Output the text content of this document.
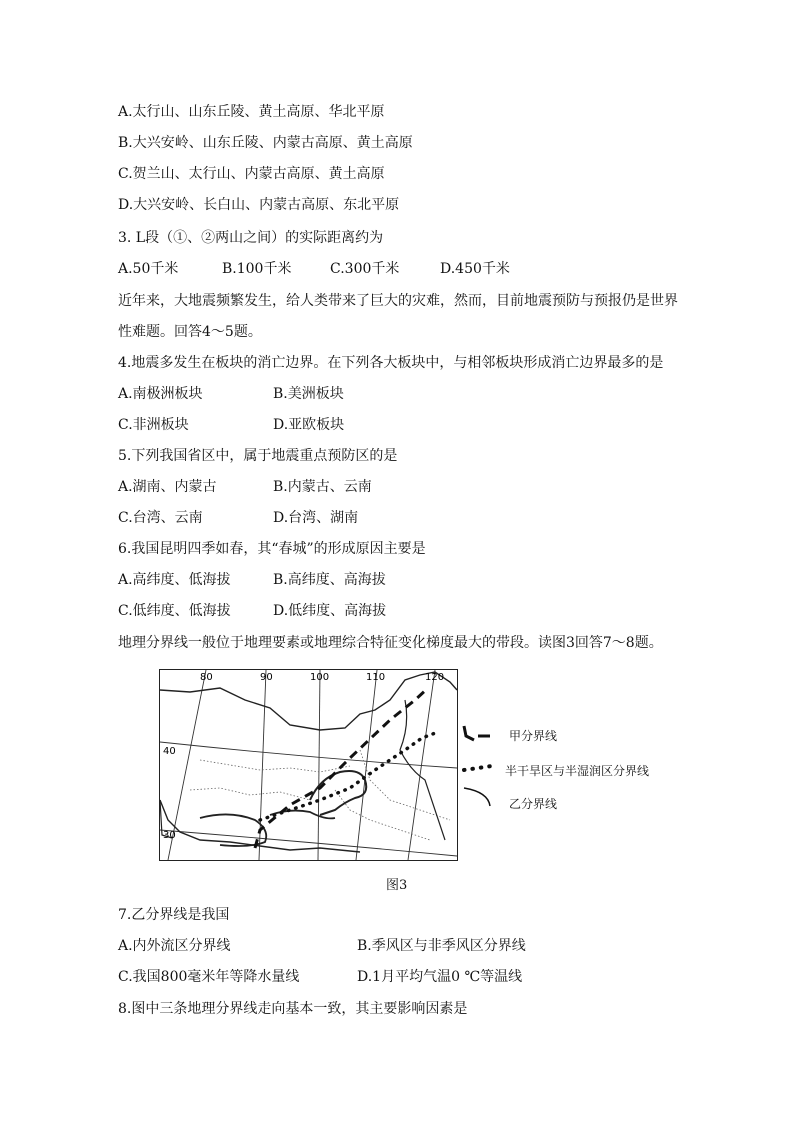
A.太行山、山东丘陵、黄土高原、华北平原
B.大兴安岭、山东丘陵、内蒙古高原、黄土高原
C.贺兰山、太行山、内蒙古高原、黄土高原
D.大兴安岭、长白山、内蒙古高原、东北平原
3. L段（①、②两山之间）的实际距离约为
A.50千米	B.100千米	C.300千米	D.450千米
近年来，大地震频繁发生，给人类带来了巨大的灾难，然而，目前地震预防与预报仍是世界
性难题。回答4～5题。
4.地震多发生在板块的消亡边界。在下列各大板块中，与相邻板块形成消亡边界最多的是
A.南极洲板块	B.美洲板块
C.非洲板块	D.亚欧板块
5.下列我国省区中，属于地震重点预防区的是
A.湖南、内蒙古	B.内蒙古、云南
C.台湾、云南	D.台湾、湖南
6.我国昆明四季如春，其“春城”的形成原因主要是
A.高纬度、低海拔	B.高纬度、高海拔
C.低纬度、低海拔	D.低纬度、高海拔
地理分界线一般位于地理要素或地理综合特征变化梯度最大的带段。读图3回答7～8题。
80	90	100	110	120
40
30
甲分界线
半干旱区与半湿润区分界线
乙分界线
图3
7.乙分界线是我国
A.内外流区分界线	B.季风区与非季风区分界线
C.我国800毫米年等降水量线	D.1月平均气温0 ℃等温线
8.图中三条地理分界线走向基本一致，其主要影响因素是
